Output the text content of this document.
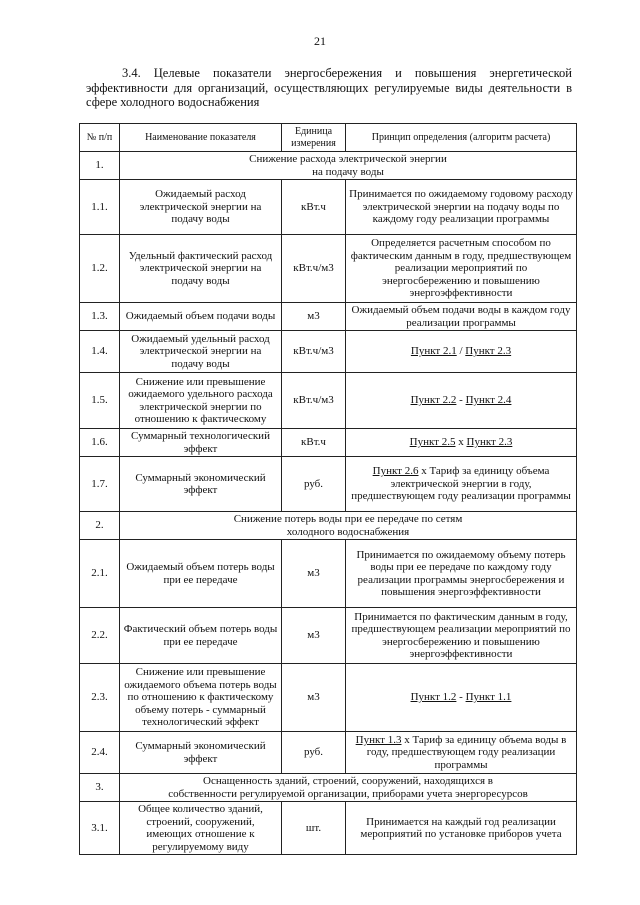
21
3.4. Целевые показатели энергосбережения и повышения энергетической эффективности для организаций, осуществляющих регулируемые виды деятельности в сфере холодного водоснабжения
№ п/п	Наименование показателя	Единица измерения	Принцип определения (алгоритм расчета)
1.	Снижение расхода электрической энергии на подачу воды		
1.1.	Ожидаемый расход электрической энергии на подачу воды	кВт.ч	Принимается по ожидаемому годовому расходу электрической энергии на подачу воды по каждому году реализации программы
1.2.	Удельный фактический расход электрической энергии на подачу воды	кВт.ч/м3	Определяется расчетным способом по фактическим данным в году, предшествующем реализации мероприятий по энергосбережению и повышению энергоэффективности
1.3.	Ожидаемый объем подачи воды	м3	Ожидаемый объем подачи воды в каждом году реализации программы
1.4.	Ожидаемый удельный расход электрической энергии на подачу воды	кВт.ч/м3	Пункт 2.1 / Пункт 2.3
1.5.	Снижение или превышение ожидаемого удельного расхода электрической энергии по отношению к фактическому	кВт.ч/м3	Пункт 2.2 - Пункт 2.4
1.6.	Суммарный технологический эффект	кВт.ч	Пункт 2.5 х Пункт 2.3
1.7.	Суммарный экономический эффект	руб.	Пункт 2.6 х Тариф за единицу объема электрической энергии в году, предшествующем году реализации программы
2.	Снижение потерь воды при ее передаче по сетям холодного водоснабжения		
2.1.	Ожидаемый объем потерь воды при ее передаче	м3	Принимается по ожидаемому объему потерь воды при ее передаче по каждому году реализации программы энергосбережения и повышения энергоэффективности
2.2.	Фактический объем потерь воды при ее передаче	м3	Принимается по фактическим данным в году, предшествующем реализации мероприятий по энергосбережению и повышению энергоэффективности
2.3.	Снижение или превышение ожидаемого объема потерь воды по отношению к фактическому объему потерь - суммарный технологический эффект	м3	Пункт 1.2 - Пункт 1.1
2.4.	Суммарный экономический эффект	руб.	Пункт 1.3 х Тариф за единицу объема воды в году, предшествующем году реализации программы
3.	Оснащенность зданий, строений, сооружений, находящихся в собственности регулируемой организации, приборами учета энергоресурсов		
3.1.	Общее количество зданий, строений, сооружений, имеющих отношение к регулируемому виду	шт.	Принимается на каждый год реализации мероприятий по установке приборов учета
